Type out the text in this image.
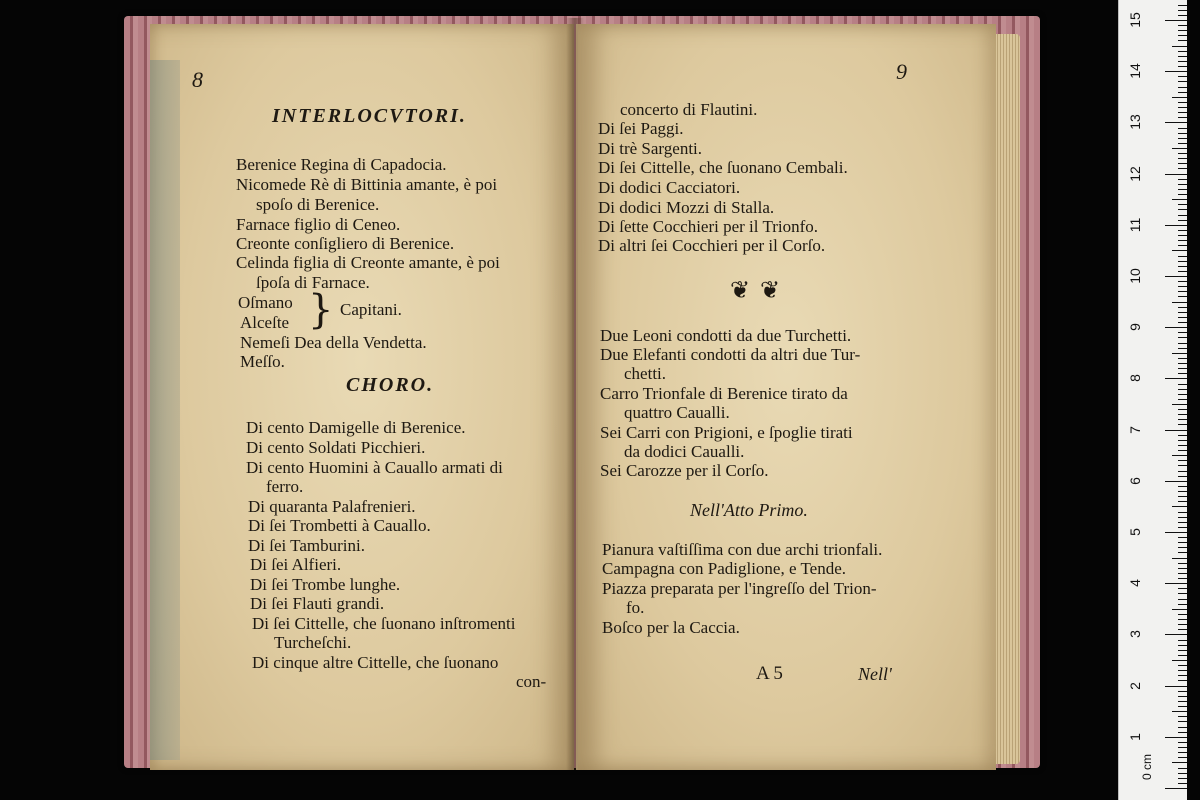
8
INTERLOCVTORI.
Berenice Regina di Capadocia.
Nicomede Rè di Bittinia amante, è poi
spoſo di Berenice.
Farnace figlio di Ceneo.
Creonte conſigliero di Berenice.
Celinda figlia di Creonte amante, è poi
ſpoſa di Farnace.
Oſmano
Alceſte } Capitani.
Nemeſi Dea della Vendetta.
Meſſo.
CHORO.
Di cento Damigelle di Berenice.
Di cento Soldati Picchieri.
Di cento Huomini à Cauallo armati di
ferro.
Di quaranta Palafrenieri.
Di ſei Trombetti à Cauallo.
Di ſei Tamburini.
Di ſei Alfieri.
Di ſei Trombe lunghe.
Di ſei Flauti grandi.
Di ſei Cittelle, che ſuonano inſtromenti
Turcheſchi.
Di cinque altre Cittelle, che ſuonano
con-
9
concerto di Flautini.
Di ſei Paggi.
Di trè Sargenti.
Di ſei Cittelle, che ſuonano Cembali.
Di dodici Cacciatori.
Di dodici Mozzi di Stalla.
Di ſette Cocchieri per il Trionfo.
Di altri ſei Cocchieri per il Corſo.
❦ ❦
Due Leoni condotti da due Turchetti.
Due Elefanti condotti da altri due Tur-
chetti.
Carro Trionfale di Berenice tirato da
quattro Caualli.
Sei Carri con Prigioni, e ſpoglie tirati
da dodici Caualli.
Sei Carozze per il Corſo.
Nell'Atto Primo.
Pianura vaſtiſſima con due archi trionfali.
Campagna con Padiglione, e Tende.
Piazza preparata per l'ingreſſo del Trion-
fo.
Boſco per la Caccia.
A 5	Nell'
0 cm
1
2
3
4
5
6
7
8
9
10
11
12
13
14
15
